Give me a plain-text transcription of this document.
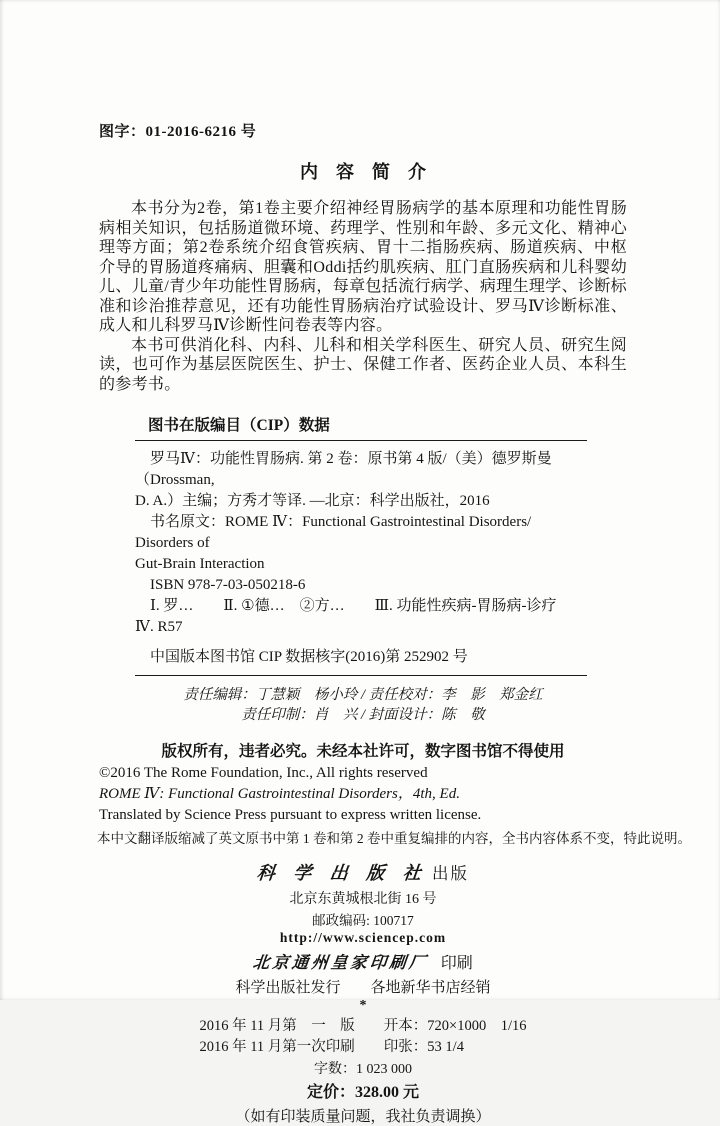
图字：01-2016-6216 号
内　容　简　介

本书分为2卷，第1卷主要介绍神经胃肠病学的基本原理和功能性胃肠病相关知识，包括肠道微环境、药理学、性别和年龄、多元文化、精神心理等方面；第2卷系统介绍食管疾病、胃十二指肠疾病、肠道疾病、中枢介导的胃肠道疼痛病、胆囊和Oddi括约肌疾病、肛门直肠疾病和儿科婴幼儿、儿童/青少年功能性胃肠病，每章包括流行病学、病理生理学、诊断标准和诊治推荐意见，还有功能性胃肠病治疗试验设计、罗马Ⅳ诊断标准、成人和儿科罗马Ⅳ诊断性问卷表等内容。

本书可供消化科、内科、儿科和相关学科医生、研究人员、研究生阅读，也可作为基层医院医生、护士、保健工作者、医药企业人员、本科生的参考书。

图书在版编目（CIP）数据
罗马Ⅳ：功能性胃肠病. 第 2 卷：原书第 4 版/（美）德罗斯曼（Drossman,
D. A.）主编；方秀才等译. —北京：科学出版社，2016
书名原文：ROME Ⅳ：Functional Gastrointestinal Disorders/ Disorders of
Gut-Brain Interaction
ISBN 978-7-03-050218-6
Ⅰ. 罗…　　Ⅱ. ①德…　②方…　　Ⅲ. 功能性疾病-胃肠病-诊疗
Ⅳ. R57
中国版本图书馆 CIP 数据核字(2016)第 252902 号
责任编辑：丁慧颖　杨小玲 / 责任校对：李　影　郑金红
责任印制：肖　兴 / 封面设计：陈　敬
版权所有，违者必究。未经本社许可，数字图书馆不得使用
©2016 The Rome Foundation, Inc., All rights reserved
ROME Ⅳ: Functional Gastrointestinal Disorders，4th, Ed.
Translated by Science Press pursuant to express written license.
本中文翻译版缩减了英文原书中第 1 卷和第 2 卷中重复编排的内容，全书内容体系不变，特此说明。
科 学 出 版 社 出版
北京东黄城根北街 16 号
邮政编码: 100717
http://www.sciencep.com
北京通州皇家印刷厂 印刷
科学出版社发行　　各地新华书店经销
*
2016 年 11 月第　一　版　　开本：720×1000　1/16
2016 年 11 月第一次印刷　　印张：53 1/4
字数：1 023 000
定价：328.00 元
（如有印装质量问题，我社负责调换）
